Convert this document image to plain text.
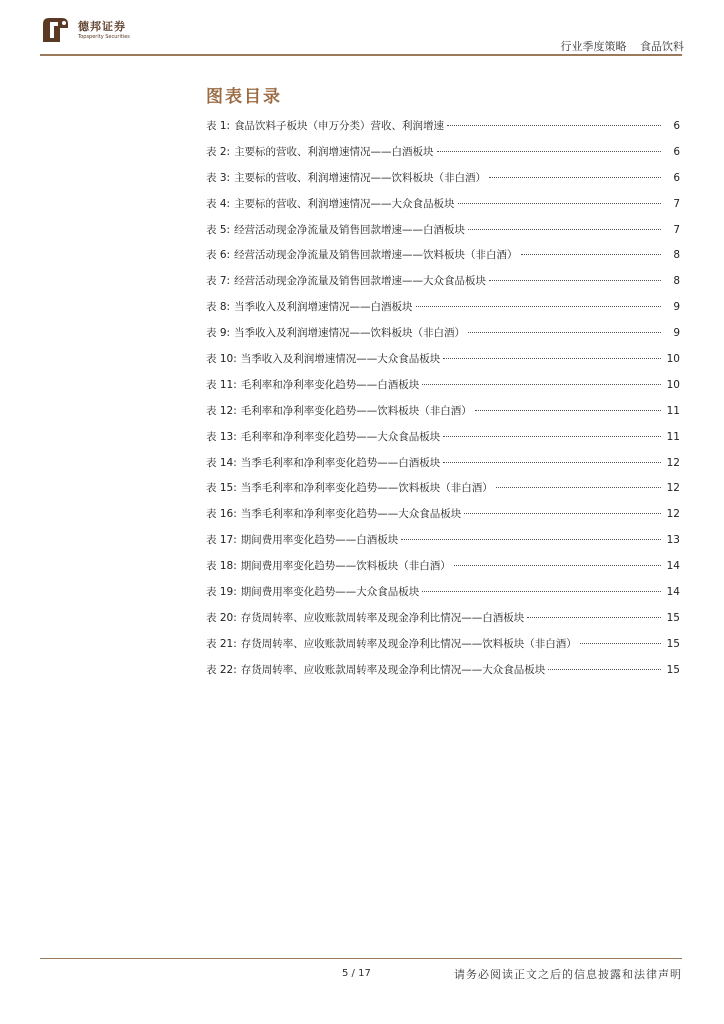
德邦证券
Topsperity Securities
行业季度策略 食品饮料
图表目录
表 1: 食品饮料子板块（申万分类）营收、利润增速	6
表 2: 主要标的营收、利润增速情况——白酒板块	6
表 3: 主要标的营收、利润增速情况——饮料板块（非白酒）	6
表 4: 主要标的营收、利润增速情况——大众食品板块	7
表 5: 经营活动现金净流量及销售回款增速——白酒板块	7
表 6: 经营活动现金净流量及销售回款增速——饮料板块（非白酒）	8
表 7: 经营活动现金净流量及销售回款增速——大众食品板块	8
表 8: 当季收入及利润增速情况——白酒板块	9
表 9: 当季收入及利润增速情况——饮料板块（非白酒）	9
表 10: 当季收入及利润增速情况——大众食品板块	10
表 11: 毛利率和净利率变化趋势——白酒板块	10
表 12: 毛利率和净利率变化趋势——饮料板块（非白酒）	11
表 13: 毛利率和净利率变化趋势——大众食品板块	11
表 14: 当季毛利率和净利率变化趋势——白酒板块	12
表 15: 当季毛利率和净利率变化趋势——饮料板块（非白酒）	12
表 16: 当季毛利率和净利率变化趋势——大众食品板块	12
表 17: 期间费用率变化趋势——白酒板块	13
表 18: 期间费用率变化趋势——饮料板块（非白酒）	14
表 19: 期间费用率变化趋势——大众食品板块	14
表 20: 存货周转率、应收账款周转率及现金净利比情况——白酒板块	15
表 21: 存货周转率、应收账款周转率及现金净利比情况——饮料板块（非白酒）	15
表 22: 存货周转率、应收账款周转率及现金净利比情况——大众食品板块	15
5 / 17	请务必阅读正文之后的信息披露和法律声明
